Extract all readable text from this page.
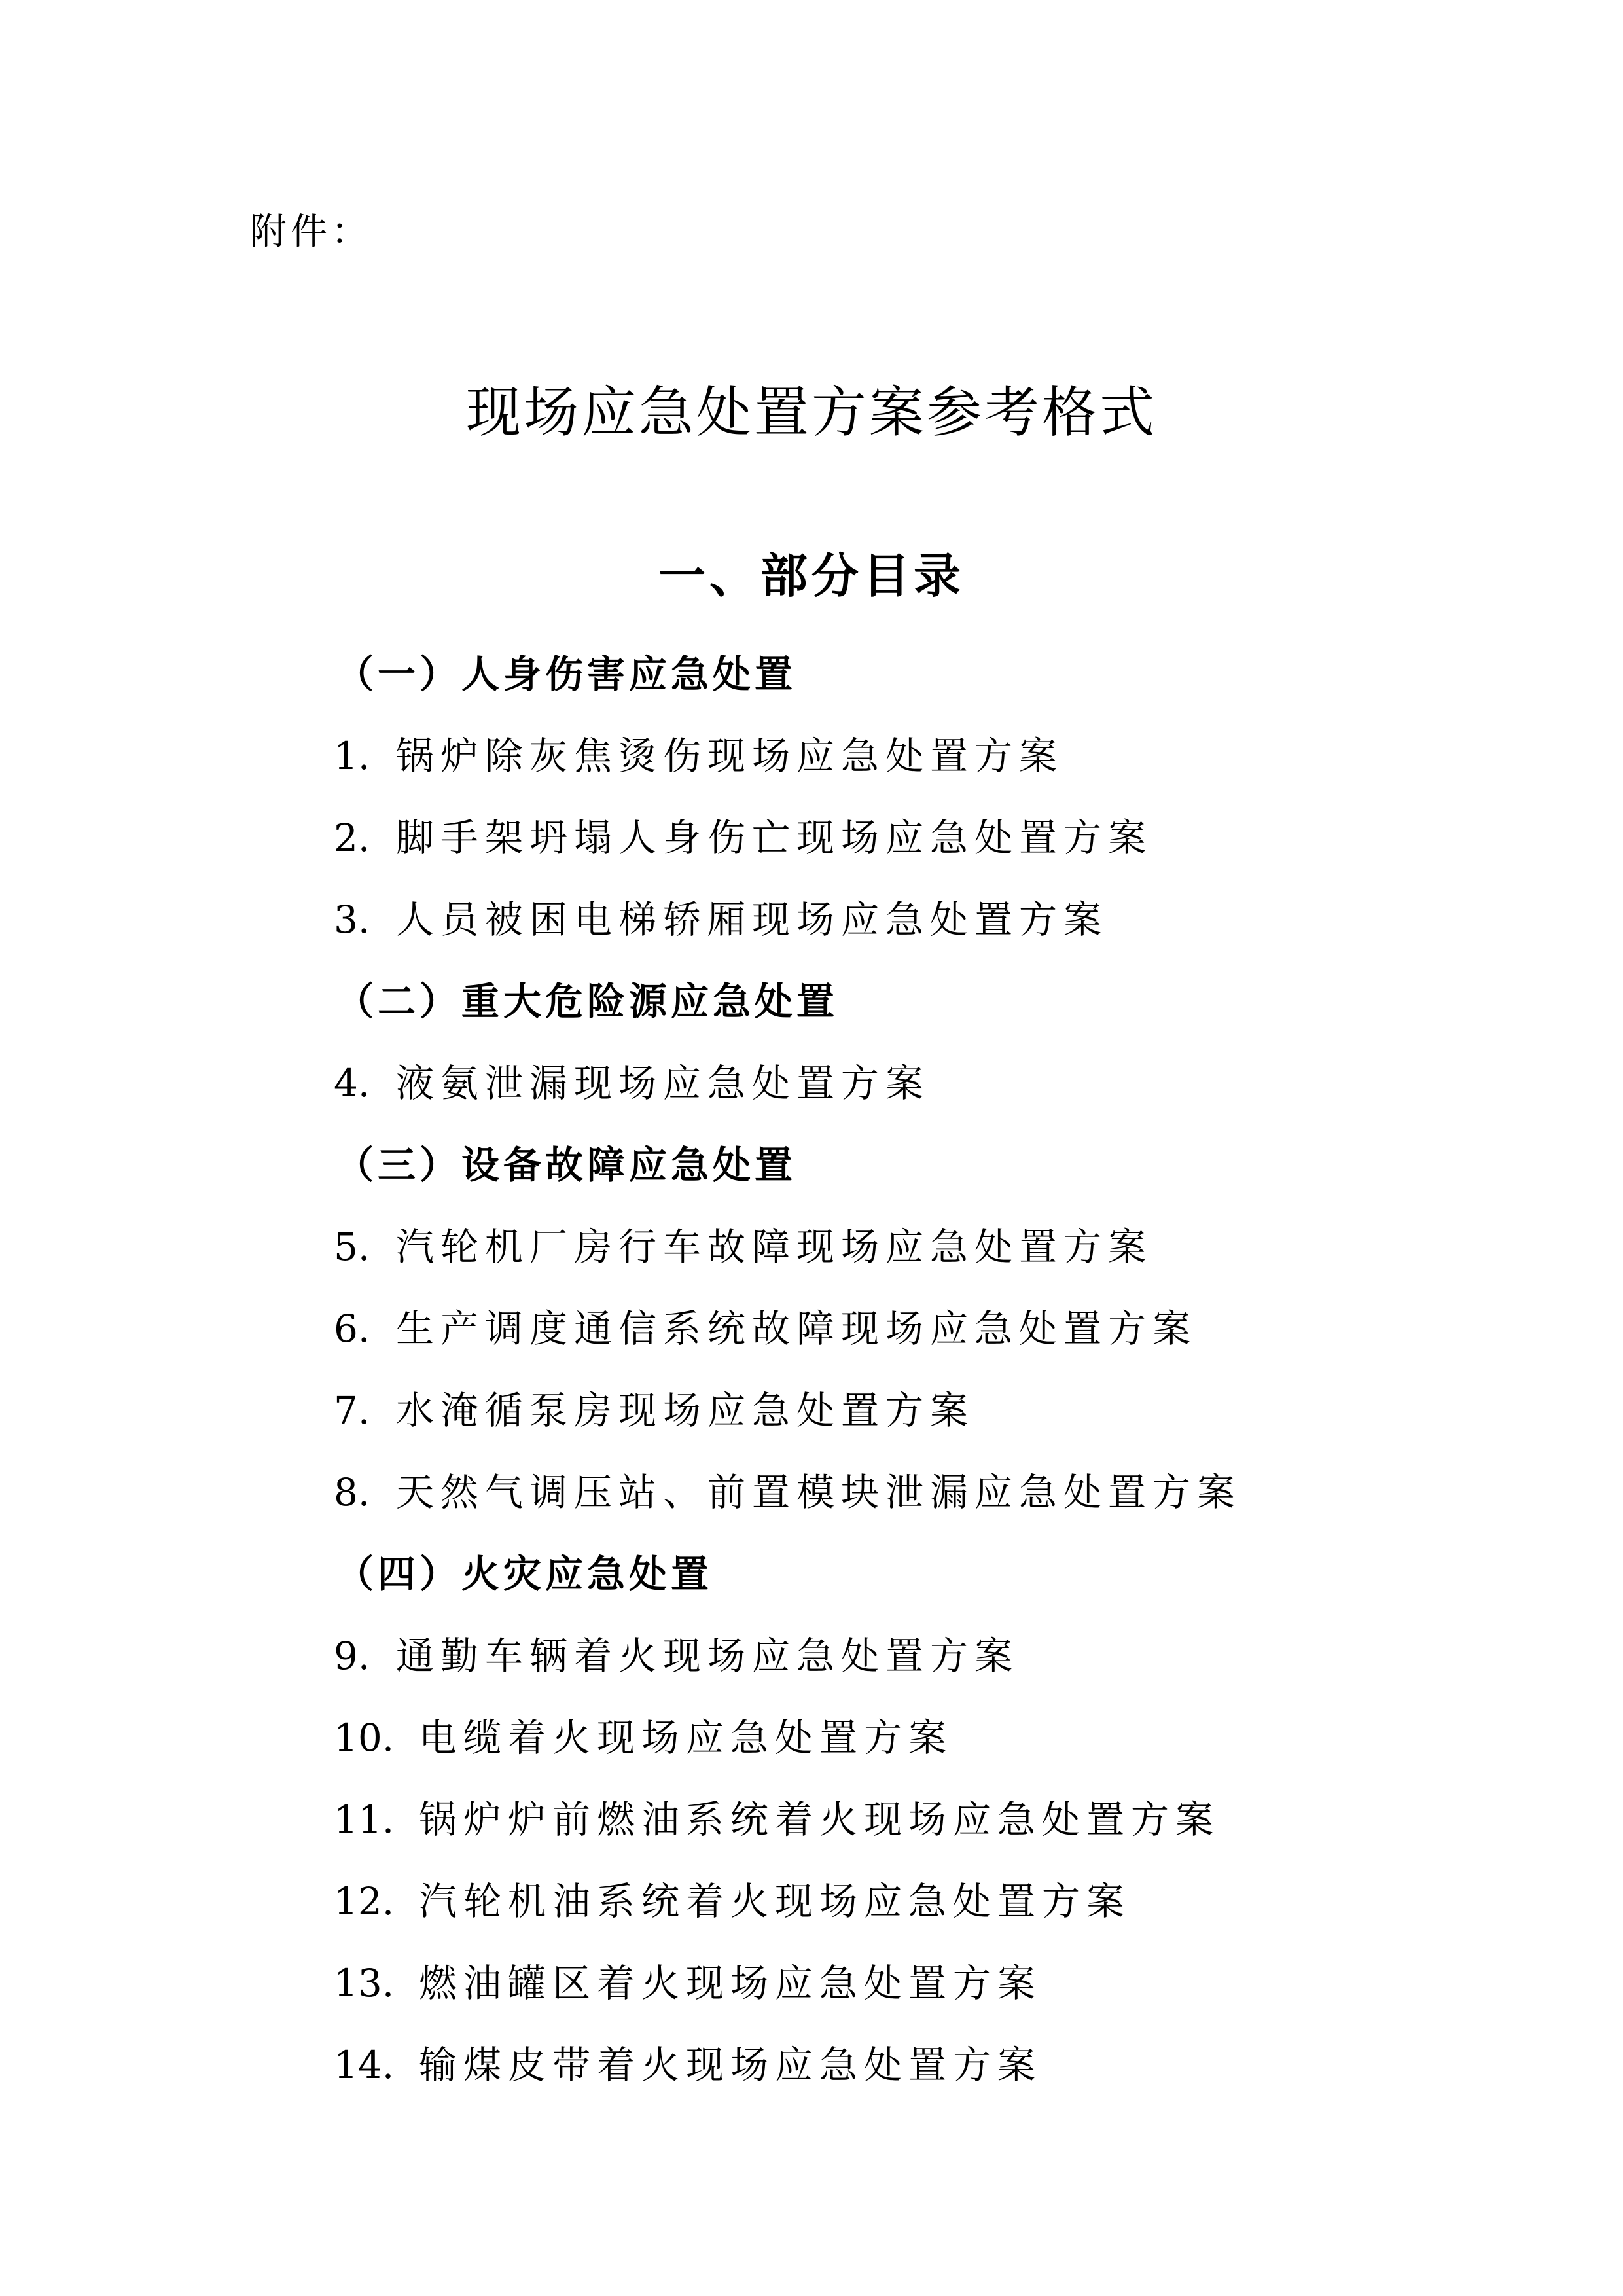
附件：
现场应急处置方案参考格式
一、部分目录
（一）人身伤害应急处置
1. 锅炉除灰焦烫伤现场应急处置方案
2. 脚手架坍塌人身伤亡现场应急处置方案
3. 人员被困电梯轿厢现场应急处置方案
（二）重大危险源应急处置
4. 液氨泄漏现场应急处置方案
（三）设备故障应急处置
5. 汽轮机厂房行车故障现场应急处置方案
6. 生产调度通信系统故障现场应急处置方案
7. 水淹循泵房现场应急处置方案
8. 天然气调压站、前置模块泄漏应急处置方案
（四）火灾应急处置
9. 通勤车辆着火现场应急处置方案
10. 电缆着火现场应急处置方案
11. 锅炉炉前燃油系统着火现场应急处置方案
12. 汽轮机油系统着火现场应急处置方案
13. 燃油罐区着火现场应急处置方案
14. 输煤皮带着火现场应急处置方案
